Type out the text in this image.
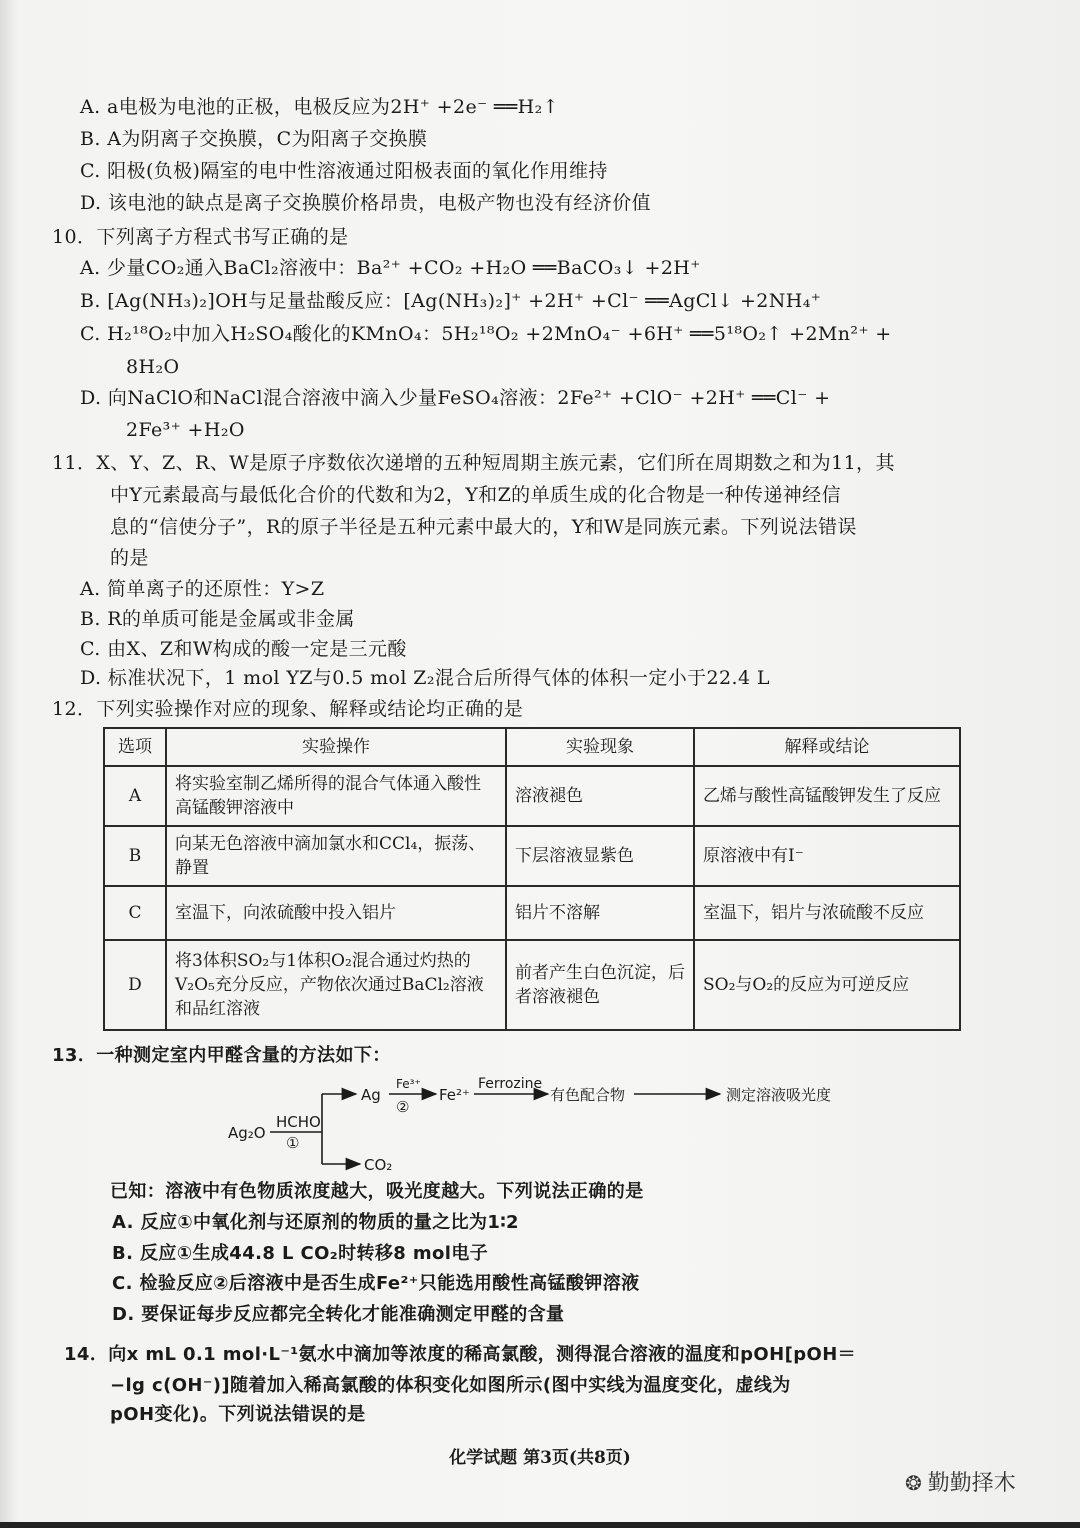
A. a电极为电池的正极，电极反应为2H⁺ +2e⁻ ══H₂↑
B. A为阴离子交换膜，C为阳离子交换膜
C. 阳极(负极)隔室的电中性溶液通过阳极表面的氧化作用维持
D. 该电池的缺点是离子交换膜价格昂贵，电极产物也没有经济价值
10．下列离子方程式书写正确的是
A. 少量CO₂通入BaCl₂溶液中：Ba²⁺ +CO₂ +H₂O ══BaCO₃↓ +2H⁺
B. [Ag(NH₃)₂]OH与足量盐酸反应：[Ag(NH₃)₂]⁺ +2H⁺ +Cl⁻ ══AgCl↓ +2NH₄⁺
C. H₂¹⁸O₂中加入H₂SO₄酸化的KMnO₄：5H₂¹⁸O₂ +2MnO₄⁻ +6H⁺ ══5¹⁸O₂↑ +2Mn²⁺ +
8H₂O
D. 向NaClO和NaCl混合溶液中滴入少量FeSO₄溶液：2Fe²⁺ +ClO⁻ +2H⁺ ══Cl⁻ +
2Fe³⁺ +H₂O
11．X、Y、Z、R、W是原子序数依次递增的五种短周期主族元素，它们所在周期数之和为11，其
中Y元素最高与最低化合价的代数和为2，Y和Z的单质生成的化合物是一种传递神经信
息的“信使分子”，R的原子半径是五种元素中最大的，Y和W是同族元素。下列说法错误
的是
A. 简单离子的还原性：Y>Z
B. R的单质可能是金属或非金属
C. 由X、Z和W构成的酸一定是三元酸
D. 标准状况下，1 mol YZ与0.5 mol Z₂混合后所得气体的体积一定小于22.4 L
12．下列实验操作对应的现象、解释或结论均正确的是
选项	实验操作	实验现象	解释或结论
A	将实验室制乙烯所得的混合气体通入酸性高锰酸钾溶液中	溶液褪色	乙烯与酸性高锰酸钾发生了反应
B	向某无色溶液中滴加氯水和CCl₄，振荡、静置	下层溶液显紫色	原溶液中有I⁻
C	室温下，向浓硫酸中投入铝片	铝片不溶解	室温下，铝片与浓硫酸不反应
D	将3体积SO₂与1体积O₂混合通过灼热的V₂O₅充分反应，产物依次通过BaCl₂溶液和品红溶液	前者产生白色沉淀，后者溶液褪色	SO₂与O₂的反应为可逆反应
13．一种测定室内甲醛含量的方法如下：
Ag₂O
HCHO
①
Ag
Fe³⁺
②
Fe²⁺
Ferrozine
有色配合物	测定溶液吸光度
CO₂
已知：溶液中有色物质浓度越大，吸光度越大。下列说法正确的是
A. 反应①中氧化剂与还原剂的物质的量之比为1∶2
B. 反应①生成44.8 L CO₂时转移8 mol电子
C. 检验反应②后溶液中是否生成Fe²⁺只能选用酸性高锰酸钾溶液
D. 要保证每步反应都完全转化才能准确测定甲醛的含量
14．向x mL 0.1 mol·L⁻¹氨水中滴加等浓度的稀高氯酸，测得混合溶液的温度和pOH[pOH＝
−lg c(OH⁻)]随着加入稀高氯酸的体积变化如图所示(图中实线为温度变化，虚线为
pOH变化)。下列说法错误的是
化学试题 第3页(共8页)
❂ 勤勤择木
